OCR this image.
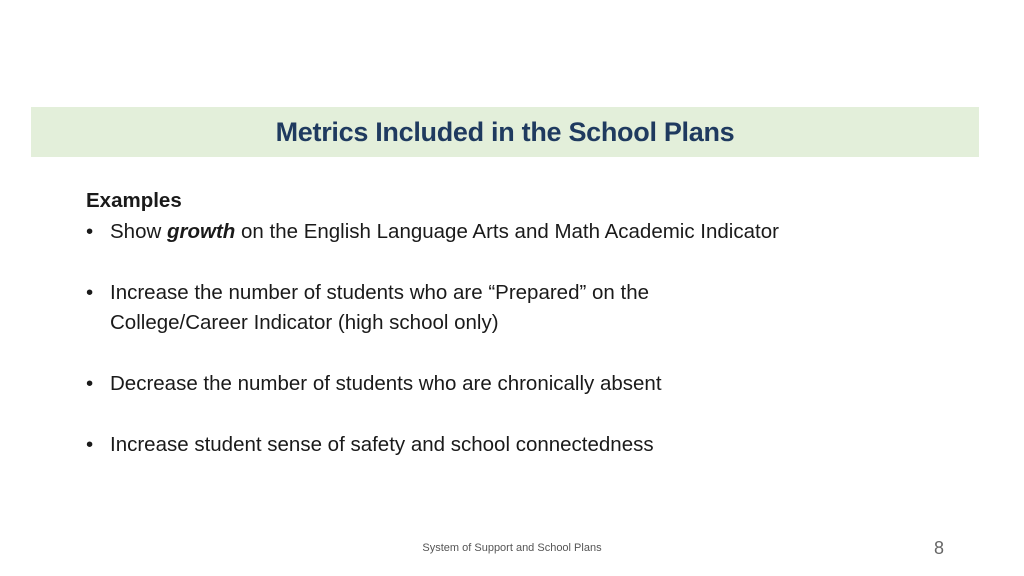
Metrics Included in the School Plans

Examples

• Show growth on the English Language Arts and Math Academic Indicator
• Increase the number of students who are “Prepared” on the
College/Career Indicator (high school only)
• Decrease the number of students who are chronically absent
• Increase student sense of safety and school connectedness
System of Support and School Plans	8
